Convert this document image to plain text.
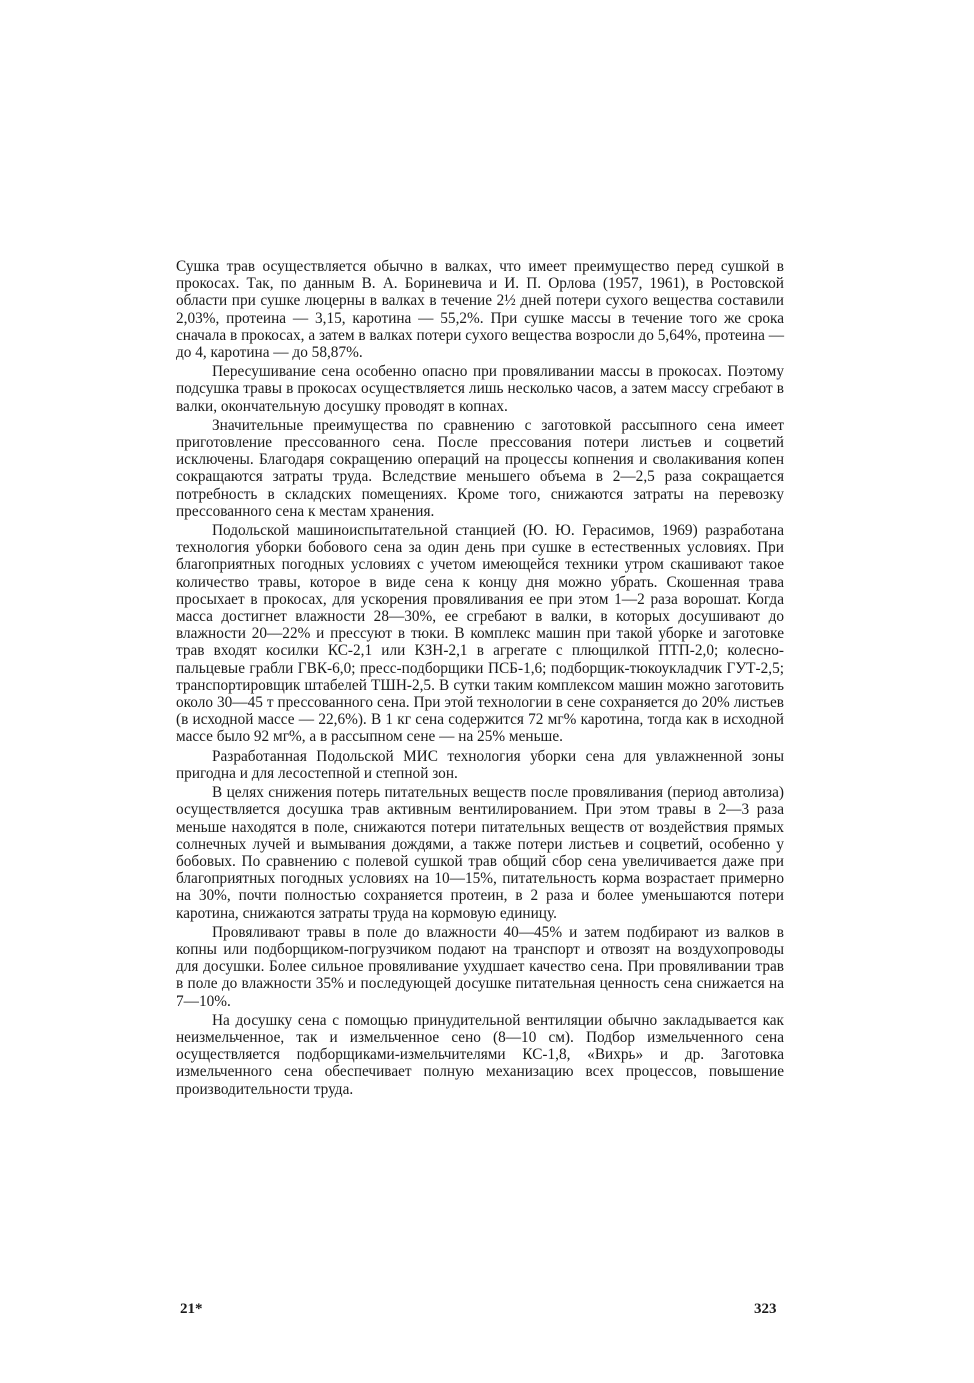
Сушка трав осуществляется обычно в валках, что имеет преимущество перед сушкой в прокосах. Так, по данным В. А. Бориневича и И. П. Орлова (1957, 1961), в Ростовской области при сушке люцерны в валках в течение 2½ дней потери сухого вещества составили 2,03%, протеина — 3,15, каротина — 55,2%. При сушке массы в течение того же срока сначала в прокосах, а затем в валках потери сухого вещества возросли до 5,64%, протеина — до 4, каротина — до 58,87%.

Пересушивание сена особенно опасно при провяливании массы в прокосах. Поэтому подсушка травы в прокосах осуществляется лишь несколько часов, а затем массу сгребают в валки, окончательную досушку проводят в копнах.

Значительные преимущества по сравнению с заготовкой рассыпного сена имеет приготовление прессованного сена. После прессования потери листьев и соцветий исключены. Благодаря сокращению операций на процессы копнения и сволакивания копен сокращаются затраты труда. Вследствие меньшего объема в 2—2,5 раза сокращается потребность в складских помещениях. Кроме того, снижаются затраты на перевозку прессованного сена к местам хранения.

Подольской машиноиспытательной станцией (Ю. Ю. Герасимов, 1969) разработана технология уборки бобового сена за один день при сушке в естественных условиях. При благоприятных погодных условиях с учетом имеющейся техники утром скашивают такое количество травы, которое в виде сена к концу дня можно убрать. Скошенная трава просыхает в прокосах, для ускорения провяливания ее при этом 1—2 раза ворошат. Когда масса достигнет влажности 28—30%, ее сгребают в валки, в которых досушивают до влажности 20—22% и прессуют в тюки. В комплекс машин при такой уборке и заготовке трав входят косилки КС-2,1 или КЗН-2,1 в агрегате с плющилкой ПТП-2,0; колесно-пальцевые грабли ГВК-6,0; пресс-подборщики ПСБ-1,6; подборщик-тюкоукладчик ГУТ-2,5; транспортировщик штабелей ТШН-2,5. В сутки таким комплексом машин можно заготовить около 30—45 т прессованного сена. При этой технологии в сене сохраняется до 20% листьев (в исходной массе — 22,6%). В 1 кг сена содержится 72 мг% каротина, тогда как в исходной массе было 92 мг%, а в рассыпном сене — на 25% меньше.

Разработанная Подольской МИС технология уборки сена для увлажненной зоны пригодна и для лесостепной и степной зон.

В целях снижения потерь питательных веществ после провяливания (период автолиза) осуществляется досушка трав активным вентилированием. При этом травы в 2—3 раза меньше находятся в поле, снижаются потери питательных веществ от воздействия прямых солнечных лучей и вымывания дождями, а также потери листьев и соцветий, особенно у бобовых. По сравнению с полевой сушкой трав общий сбор сена увеличивается даже при благоприятных погодных условиях на 10—15%, питательность корма возрастает примерно на 30%, почти полностью сохраняется протеин, в 2 раза и более уменьшаются потери каротина, снижаются затраты труда на кормовую единицу.

Провяливают травы в поле до влажности 40—45% и затем подбирают из валков в копны или подборщиком-погрузчиком подают на транспорт и отвозят на воздухопроводы для досушки. Более сильное провяливание ухудшает качество сена. При провяливании трав в поле до влажности 35% и последующей досушке питательная ценность сена снижается на 7—10%.

На досушку сена с помощью принудительной вентиляции обычно закладывается как неизмельченное, так и измельченное сено (8—10 см). Подбор измельченного сена осуществляется подборщиками-измельчителями КС-1,8, «Вихрь» и др. Заготовка измельченного сена обеспечивает полную механизацию всех процессов, повышение производительности труда.

21*	323
